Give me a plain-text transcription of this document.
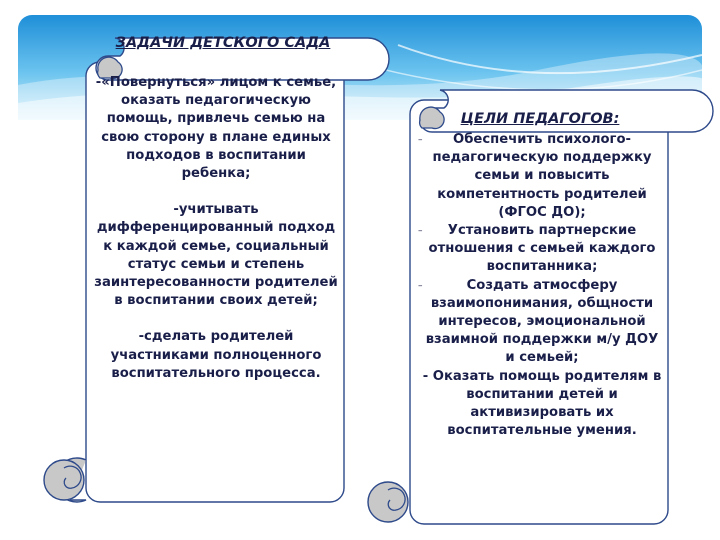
ЗАДАЧИ ДЕТСКОГО САДА

-«Повернуться» лицом к семье, оказать педагогическую помощь, привлечь семью на свою сторону в плане единых подходов в воспитании ребенка;

-учитывать дифференцированный подход к каждой семье, социальный статус семьи и степень заинтересованности родителей в воспитании своих детей;

-сделать родителей участниками полноценного воспитательного процесса.

ЦЕЛИ ПЕДАГОГОВ:
–	Обеспечить психолого-педагогическую поддержку семьи и повысить компетентность родителей (ФГОС ДО);

–	Установить партнерские отношения с семьей каждого воспитанника;

–	Создать атмосферу взаимопонимания, общности интересов, эмоциональной взаимной поддержки м/у ДОУ и семьей;

- Оказать помощь родителям в воспитании детей и активизировать их воспитательные умения.
